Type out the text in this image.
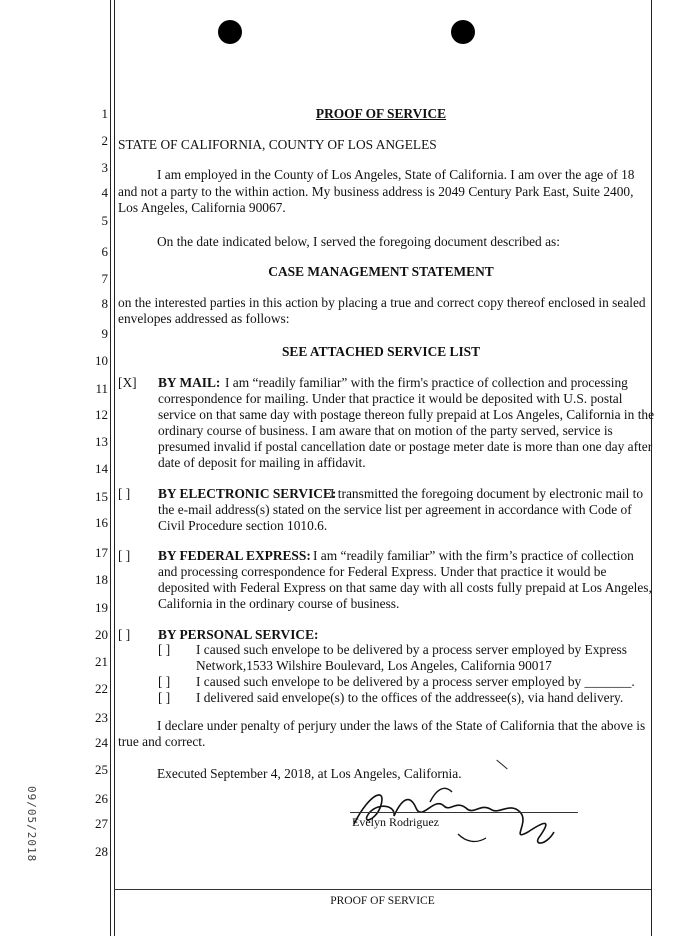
1
2
3
4
5
6
7
8
9
10
11
12
13
14
15
16
17
18
19
20
21
22
23
24
25
26
27
28
PROOF OF SERVICE
STATE OF CALIFORNIA, COUNTY OF LOS ANGELES
I am employed in the County of Los Angeles, State of California. I am over the age of 18
and not a party to the within action. My business address is 2049 Century Park East, Suite 2400,
Los Angeles, California 90067.
On the date indicated below, I served the foregoing document described as:
CASE MANAGEMENT STATEMENT
on the interested parties in this action by placing a true and correct copy thereof enclosed in sealed
envelopes addressed as follows:
SEE ATTACHED SERVICE LIST
[X] BY MAIL: I am “readily familiar” with the firm's practice of collection and processing
correspondence for mailing. Under that practice it would be deposited with U.S. postal
service on that same day with postage thereon fully prepaid at Los Angeles, California in the
ordinary course of business. I am aware that on motion of the party served, service is
presumed invalid if postal cancellation date or postage meter date is more than one day after
date of deposit for mailing in affidavit.
[ ] BY ELECTRONIC SERVICE:
I transmitted the foregoing document by electronic mail to
the e-mail address(s) stated on the service list per agreement in accordance with Code of
Civil Procedure section 1010.6.
[ ] BY FEDERAL EXPRESS: I am “readily familiar” with the firm’s practice of collection
and processing correspondence for Federal Express. Under that practice it would be
deposited with Federal Express on that same day with all costs fully prepaid at Los Angeles,
California in the ordinary course of business.
[ ] BY PERSONAL SERVICE:
[ ] I caused such envelope to be delivered by a process server employed by Express
Network,1533 Wilshire Boulevard, Los Angeles, California 90017
[ ] I caused such envelope to be delivered by a process server employed by _______.
[ ] I delivered said envelope(s) to the offices of the addressee(s), via hand delivery.
I declare under penalty of perjury under the laws of the State of California that the above is
true and correct.
Executed September 4, 2018, at Los Angeles, California.
Evelyn Rodriguez
PROOF OF SERVICE
09/05/2018
